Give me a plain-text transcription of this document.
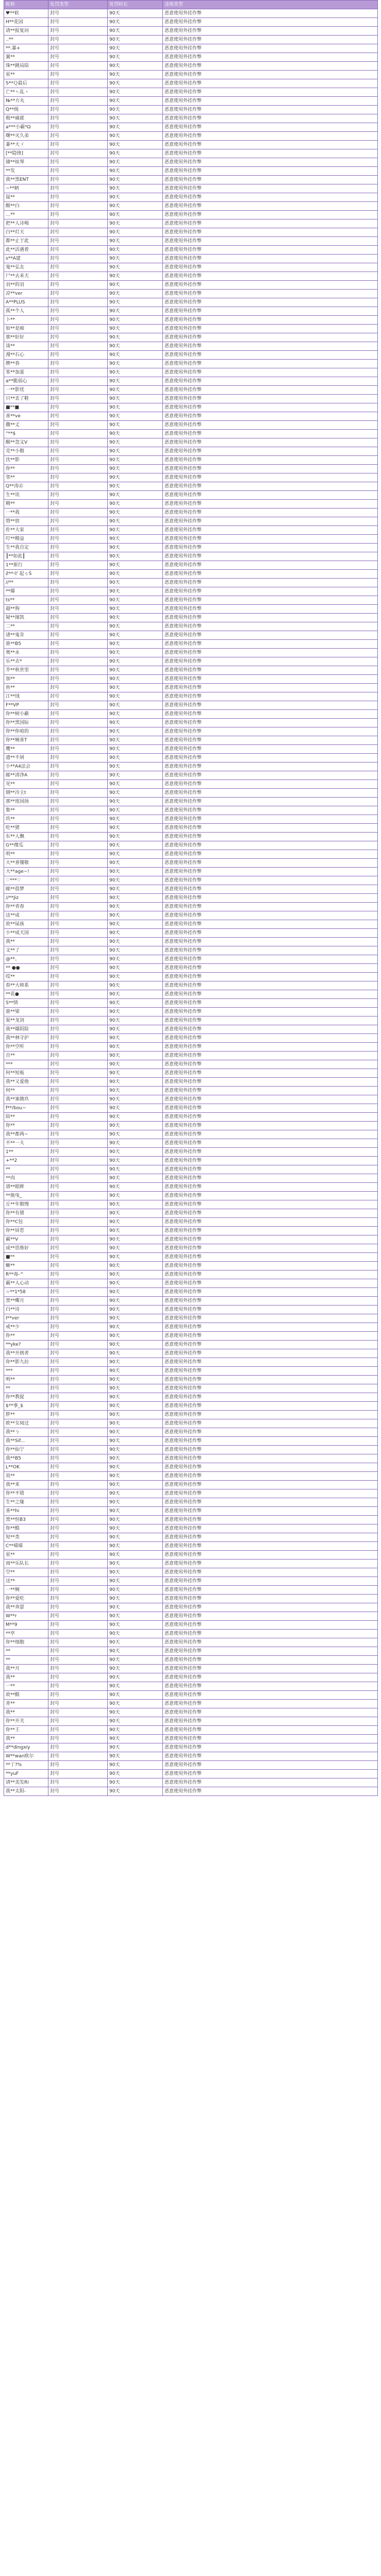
昵称	处罚类型	处罚时长	违规类型
♥**软	封号	90天	恶意使用外挂作弊
H**花园	封号	90天	恶意使用外挂作弊
请**报复问	封号	90天	恶意使用外挂作弊
..**	封号	90天	恶意使用外挂作弊
**.暴+	封号	90天	恶意使用外挂作弊
翼**	封号	90天	恶意使用外挂作弊
珠**跳局陪	封号	90天	恶意使用外挂作弊
星**	封号	90天	恶意使用外挂作弊
S**Ｑ最后	封号	90天	恶意使用外挂作弊
亡**ㄣ乱ヽ	封号	90天	恶意使用外挂作弊
№**方丸	封号	90天	恶意使用外挂作弊
Q**级	封号	90天	恶意使用外挂作弊
极**痛就	封号	90天	恶意使用外挂作弊
a***小霸*Ω	封号	90天	恶意使用外挂作弊
曙**灭久弟	封号	90天	恶意使用外挂作弊
暴**大ゞ	封号	90天	恶意使用外挂作弊
[**隐锋]	封号	90天	恶意使用外挂作弊
储**炫琴	封号	90天	恶意使用外挂作弊
**发	封号	90天	恶意使用外挂作弊
我**黑ENT	封号	90天	恶意使用外挂作弊
~**柄	封号	90天	恶意使用外挂作弊
鼠**	封号	90天	恶意使用外挂作弊
醒**白	封号	90天	恶意使用外挂作弊
…**	封号	90天	恶意使用外挂作弊
把**人诗喝	封号	90天	恶意使用外挂作弊
白**灯天	封号	90天	恶意使用外挂作弊
都**止于此	封号	90天	恶意使用外挂作弊
此**活遇着	封号	90天	恶意使用外挂作弊
s**A建	封号	90天	恶意使用外挂作弊
鬼**弘友	封号	90天	恶意使用外挂作弊
尸**去来天	封号	90天	恶意使用外挂作弊
羽**的羽	封号	90天	恶意使用外挂作弊
凉**ver	封号	90天	恶意使用外挂作弊
A**PLUS	封号	90天	恶意使用外挂作弊
孤**个人	封号	90天	恶意使用外挂作弊
卜**	封号	90天	恶意使用外挂作弊
如**是痴	封号	90天	恶意使用外挂作弊
那**好好	封号	90天	恶意使用外挂作弊
谈**	封号	90天	恶意使用外挂作弊
漫**石心	封号	90天	恶意使用外挂作弊
脾**春	封号	90天	恶意使用外挂作弊
笨**加蛋	封号	90天	恶意使用外挂作弊
a**脆弱心	封号	90天	恶意使用外挂作弊
一**影忧	封号	90天	恶意使用外挂作弊
只**丢了鞋	封号	90天	恶意使用外挂作弊
■**■	封号	90天	恶意使用外挂作弊
喜**ve	封号	90天	恶意使用外挂作弊
撒**丈	封号	90天	恶意使用外挂作弊
°**$	封号	90天	恶意使用外挂作弊
醒**忽文V	封号	90天	恶意使用外挂作弊
克**小傲	封号	90天	恶意使用外挂作弊
沈**影	封号	90天	恶意使用外挂作弊
你**	封号	90天	恶意使用外挂作弊
邻**	封号	90天	恶意使用外挂作弊
Q**涛㊣	封号	90天	恶意使用外挂作弊
生**讯	封号	90天	恶意使用外挂作弊
精**	封号	90天	恶意使用外挂作弊
一**我	封号	90天	恶意使用外挂作弊
惜**放	封号	90天	恶意使用外挂作弊
佐**大家	封号	90天	恶意使用外挂作弊
叮**精益	封号	90天	恶意使用外挂作弊
生**我自定	封号	90天	恶意使用外挂作弊
┃**如此┃	封号	90天	恶意使用外挂作弊
1**旅行	封号	90天	恶意使用外挂作弊
Ƨ**ゼ 起ぅŚ	封号	90天	恶意使用外挂作弊
//**	封号	90天	恶意使用外挂作弊
**爆	封号	90天	恶意使用外挂作弊
ts**	封号	90天	恶意使用外挂作弊
超**狗	封号	90天	恶意使用外挂作弊
疑**图凯	封号	90天	恶意使用外挂作弊
二**	封号	90天	恶意使用外挂作弊
诸**鬼肯	封号	90天	恶意使用外挂作弊
谁**B5	封号	90天	恶意使用外挂作弊
奥**永	封号	90天	恶意使用外挂作弊
乐**去*	封号	90天	恶意使用外挂作弊
芥**秋世里	封号	90天	恶意使用外挂作弊
加**	封号	90天	恶意使用外挂作弊
鱼**	封号	90天	恶意使用外挂作弊
江**绒	封号	90天	恶意使用外挂作弊
F**VP	封号	90天	恶意使用外挂作弊
你**树小蔽	封号	90天	恶意使用外挂作弊
你**黑国际	封号	90天	恶意使用外挂作弊
你**你咱的	封号	90天	恶意使用外挂作弊
你**婉喜T	封号	90天	恶意使用外挂作弊
鹰**	封号	90天	恶意使用外挂作弊
遗**不屑	封号	90天	恶意使用外挂作弊
小**A4法会	封号	90天	恶意使用外挂作弊
邮**清净A	封号	90天	恶意使用外挂作弊
见**	封号	90天	恶意使用外挂作弊
钢**冷主t	封号	90天	恶意使用外挂作弊
那**度园扬	封号	90天	恶意使用外挂作弊
集**	封号	90天	恶意使用外挂作弊
玖**	封号	90天	恶意使用外挂作弊
吃**猪	封号	90天	恶意使用外挂作弊
东**人飘	封号	90天	恶意使用外挂作弊
G**傻瓜	封号	90天	恶意使用外挂作弊
明**	封号	90天	恶意使用外挂作弊
大**喜懂敬	封号	90天	恶意使用外挂作弊
大**age~!	封号	90天	恶意使用外挂作弊
♡***♡	封号	90天	恶意使用外挂作弊
邮**晨梦	封号	90天	恶意使用外挂作弊
//**Jiz	封号	90天	恶意使用外挂作弊
你**青春	封号	90天	恶意使用外挂作弊
这**成	封号	90天	恶意使用外挂作弊
故**屎孩	封号	90天	恶意使用外挂作弊
小**成天国	封号	90天	恶意使用外挂作弊
我**	封号	90天	恶意使用外挂作弊
文**了	封号	90天	恶意使用外挂作弊
@**。	封号	90天	恶意使用外挂作弊
** ●●	封号	90天	恶意使用外挂作弊
哎**	封号	90天	恶意使用外挂作弊
春**大师系	封号	90天	恶意使用外挂作弊
**花●	封号	90天	恶意使用外挂作弊
S**情	封号	90天	恶意使用外挂作弊
谁**梁	封号	90天	恶意使用外挂作弊
渠**龙剑	封号	90天	恶意使用外挂作弊
我**爆阴险	封号	90天	恶意使用外挂作弊
我**林守护	封号	90天	恶意使用外挂作弊
你**空听	封号	90天	恶意使用外挂作弊
自**	封号	90天	恶意使用外挂作弊
***	封号	90天	恶意使用外挂作弊
何**短板	封号	90天	恶意使用外挂作弊
我**又爱他	封号	90天	恶意使用外挂作弊
何**	封号	90天	恶意使用外挂作弊
我**塞微玖	封号	90天	恶意使用外挂作弊
f**/bou~	封号	90天	恶意使用外挂作弊
陪**	封号	90天	恶意使用外挂作弊
你**	封号	90天	恶意使用外挂作弊
我**都两~	封号	90天	恶意使用外挂作弊
不**一大	封号	90天	恶意使用外挂作弊
1**	封号	90天	恶意使用外挂作弊
+**2	封号	90天	恶意使用外挂作弊
**	封号	90天	恶意使用外挂作弊
**肉	封号	90天	恶意使用外挂作弊
谱**眼眸	封号	90天	恶意使用外挂作弊
**拖曳_	封号	90天	恶意使用外挂作弊
丘**年傲慢	封号	90天	恶意使用外挂作弊
你**有猪	封号	90天	恶意使用外挂作弊
你**C包	封号	90天	恶意使用外挂作弊
你**屏惹	封号	90天	恶意使用外挂作弊
霸**V	封号	90天	恶意使用外挂作弊
成**思维好	封号	90天	恶意使用外挂作弊
■**	封号	90天	恶意使用外挂作弊
蜥**	封号	90天	恶意使用外挂作弊
R**毒-^	封号	90天	恶意使用外挂作弊
霸**人心动	封号	90天	恶意使用外挂作弊
☆**1*58	封号	90天	恶意使用外挂作弊
黑**蝶月	封号	90天	恶意使用外挂作弊
白**诗	封号	90天	恶意使用外挂作弊
I**ver	封号	90天	恶意使用外挂作弊
戒**少	封号	90天	恶意使用外挂作弊
你**	封号	90天	恶意使用外挂作弊
**yke?	封号	90天	恶意使用外挂作弊
我**开朗者	封号	90天	恶意使用外挂作弊
你**影九拉	封号	90天	恶意使用外挂作弊
***	封号	90天	恶意使用外挂作弊
明**	封号	90天	恶意使用外挂作弊
**	封号	90天	恶意使用外挂作弊
你**教捉	封号	90天	恶意使用外挂作弊
$**事_$	封号	90天	恶意使用外挂作弊
胖**	封号	90天	恶意使用外挂作弊
欧**女阅过	封号	90天	恶意使用外挂作弊
我**ㄅ	封号	90天	恶意使用外挂作弊
我**Sif...	封号	90天	恶意使用外挂作弊
你**仙宁	封号	90天	恶意使用外挂作弊
我**B5	封号	90天	恶意使用外挂作弊
L**OK	封号	90天	恶意使用外挂作弊
说**	封号	90天	恶意使用外挂作弊
我**来	封号	90天	恶意使用外挂作弊
你**不错	封号	90天	恶意使用外挂作弊
生**之缘	封号	90天	恶意使用外挂作弊
喜**hi	封号	90天	恶意使用外挂作弊
黑**恒B3	封号	90天	恶意使用外挂作弊
你**酷	封号	90天	恶意使用外挂作弊
短**类	封号	90天	恶意使用外挂作弊
C**喵喵	封号	90天	恶意使用外挂作弊
星**	封号	90天	恶意使用外挂作弊
雨**乐队长	封号	90天	恶意使用外挂作弊
空**	封号	90天	恶意使用外挂作弊
这**	封号	90天	恶意使用外挂作弊
一**婉	封号	90天	恶意使用外挂作弊
你**爱吃	封号	90天	恶意使用外挂作弊
我**奔瑟	封号	90天	恶意使用外挂作弊
W**r	封号	90天	恶意使用外挂作弊
M**9	封号	90天	恶意使用外挂作弊
**亭	封号	90天	恶意使用外挂作弊
你**细胞	封号	90天	恶意使用外挂作弊
**	封号	90天	恶意使用外挂作弊
**	封号	90天	恶意使用外挂作弊
我**月	封号	90天	恶意使用外挂作弊
我**	封号	90天	恶意使用外挂作弊
一**	封号	90天	恶意使用外挂作弊
故**酷	封号	90天	恶意使用外挂作弊
青**	封号	90天	恶意使用外挂作弊
我**	封号	90天	恶意使用外挂作弊
你**开关	封号	90天	恶意使用外挂作弊
你**王	封号	90天	恶意使用外挂作弊
我**	封号	90天	恶意使用外挂作弊
d**dingxiy	封号	90天	恶意使用外挂作弊
W**wan欧尔	封号	90天	恶意使用外挂作弊
**丁?%	封号	90天	恶意使用外挂作弊
**yuF	封号	90天	恶意使用外挂作弊
请**美发Ri	封号	90天	恶意使用外挂作弊
我**太阳-	封号	90天	恶意使用外挂作弊
